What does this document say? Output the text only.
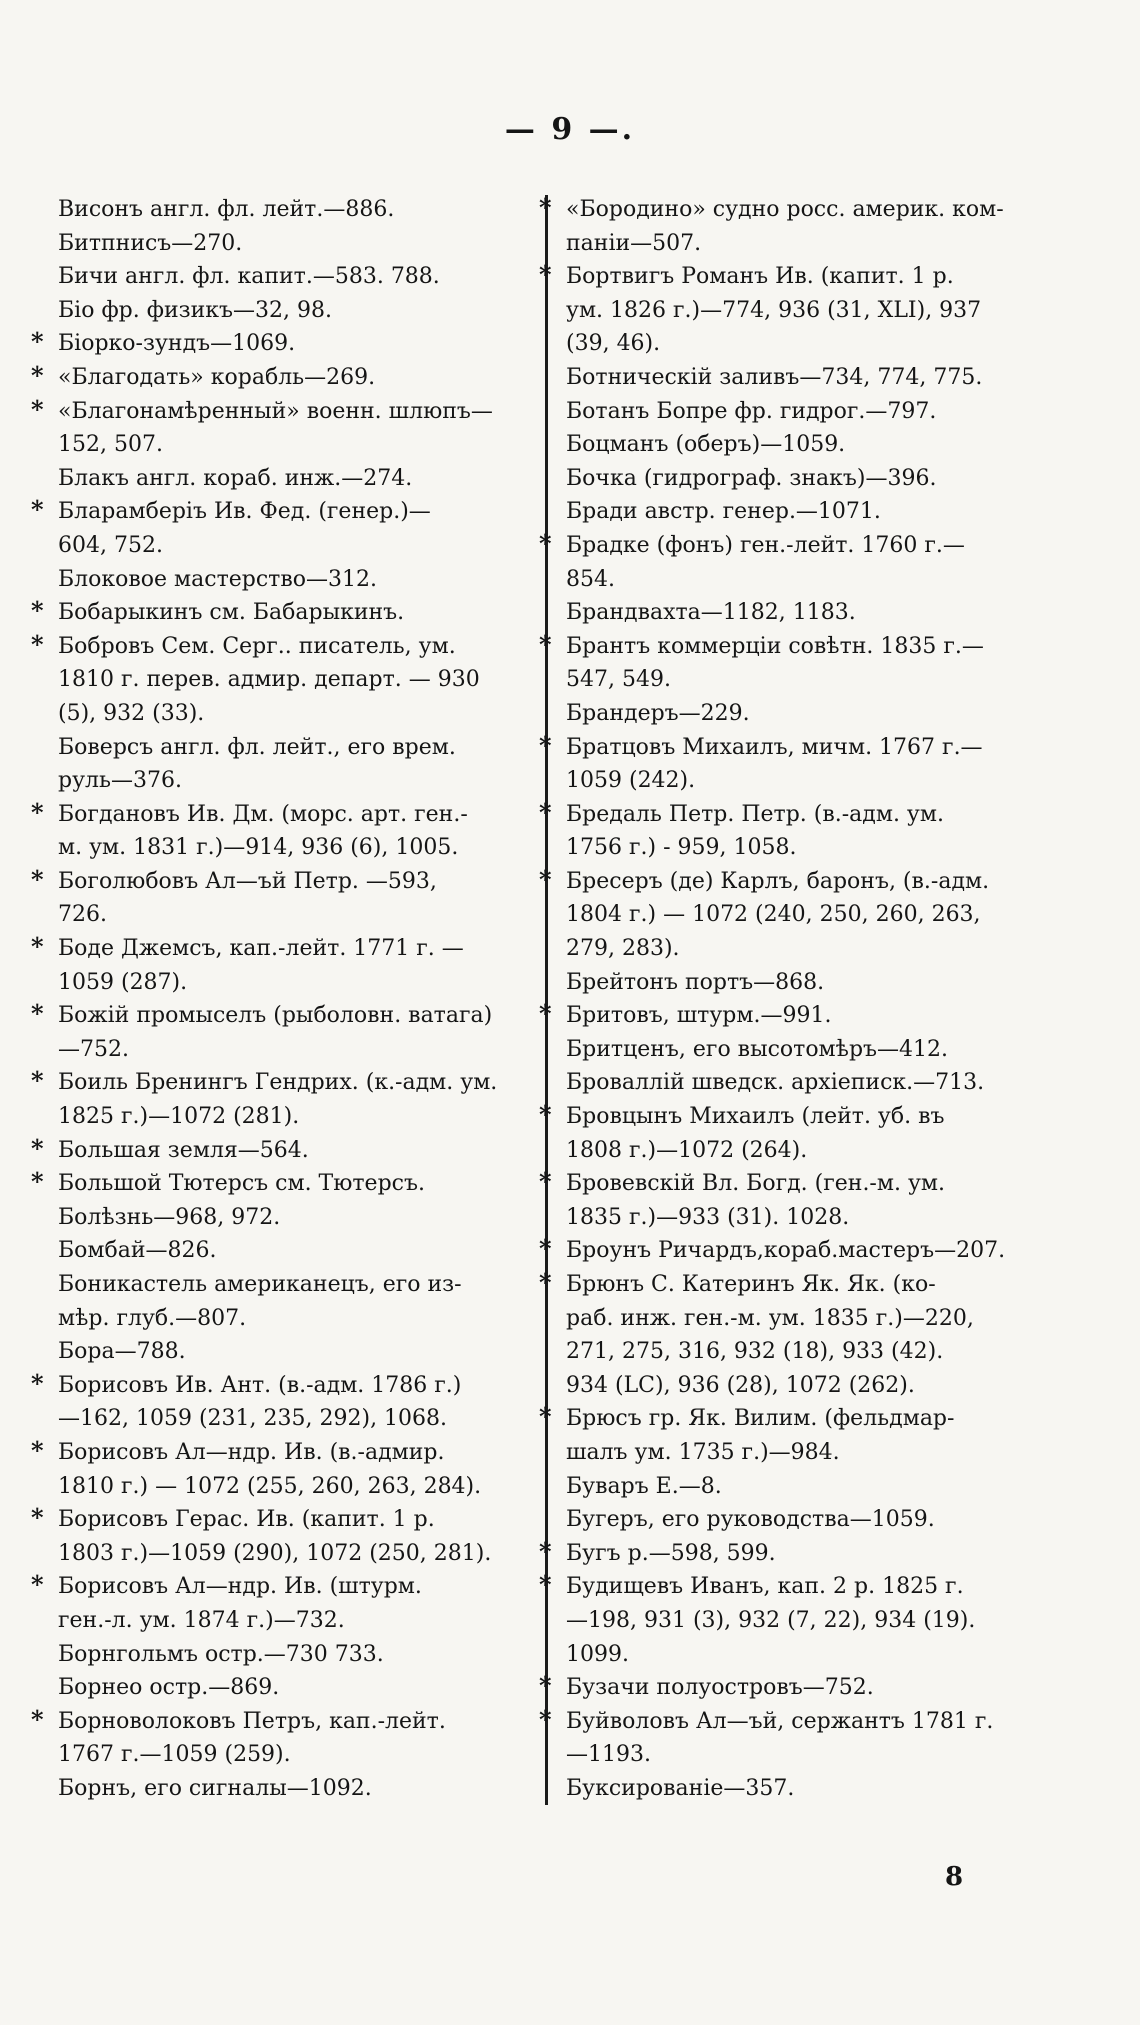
— 9 —.

Висонъ англ. фл. лейт.—886.

Битпнисъ—270.

Бичи англ. фл. капит.—583. 788.

Біо фр. физикъ—32, 98.

* Біорко-зундъ—1069.

* «Благодать» корабль—269.

* «Благонамѣренный» военн. шлюпъ—
152, 507.

Блакъ англ. кораб. инж.—274.

* Бларамберіъ Ив. Фед. (генер.)—
604, 752.

Блоковое мастерство—312.

* Бобарыкинъ см. Бабарыкинъ.

* Бобровъ Сем. Серг.. писатель, ум.
1810 г. перев. адмир. департ. — 930
(5), 932 (33).

Боверсъ англ. фл. лейт., его врем.
руль—376.

* Богдановъ Ив. Дм. (морс. арт. ген.-
м. ум. 1831 г.)—914, 936 (6), 1005.

* Боголюбовъ Ал—ъй Петр. —593,
726.

* Боде Джемсъ, кап.-лейт. 1771 г. —
1059 (287).

* Божій промыселъ (рыболовн. ватага)
—752.

* Боиль Бренингъ Гендрих. (к.-адм. ум.
1825 г.)—1072 (281).

* Большая земля—564.

* Большой Тютерсъ см. Тютерсъ.

Болѣзнь—968, 972.

Бомбай—826.

Боникастель американецъ, его из-
мѣр. глуб.—807.

Бора—788.

* Борисовъ Ив. Ант. (в.-адм. 1786 г.)
—162, 1059 (231, 235, 292), 1068.

* Борисовъ Ал—ндр. Ив. (в.-адмир.
1810 г.) — 1072 (255, 260, 263, 284).

* Борисовъ Герас. Ив. (капит. 1 р.
1803 г.)—1059 (290), 1072 (250, 281).

* Борисовъ Ал—ндр. Ив. (штурм.
ген.-л. ум. 1874 г.)—732.

Борнгольмъ остр.—730 733.

Борнео остр.—869.

* Борноволоковъ Петръ, кап.-лейт.
1767 г.—1059 (259).

Борнъ, его сигналы—1092.

* «Бородино» судно росс. америк. ком-
паніи—507.

* Бортвигъ Романъ Ив. (капит. 1 р.
ум. 1826 г.)—774, 936 (31, XLI), 937
(39, 46).

Ботническій заливъ—734, 774, 775.

Ботанъ Бопре фр. гидрог.—797.

Боцманъ (оберъ)—1059.

Бочка (гидрограф. знакъ)—396.

Бради австр. генер.—1071.

* Брадке (фонъ) ген.-лейт. 1760 г.—
854.

Брандвахта—1182, 1183.

* Брантъ коммерціи совѣтн. 1835 г.—
547, 549.

Брандеръ—229.

* Братцовъ Михаилъ, мичм. 1767 г.—
1059 (242).

* Бредаль Петр. Петр. (в.-адм. ум.
1756 г.) - 959, 1058.

* Бресеръ (де) Карлъ, баронъ, (в.-адм.
1804 г.) — 1072 (240, 250, 260, 263,
279, 283).

Брейтонъ портъ—868.

* Бритовъ, штурм.—991.

Бритценъ, его высотомѣръ—412.

Броваллій шведск. архіеписк.—713.

* Бровцынъ Михаилъ (лейт. уб. въ
1808 г.)—1072 (264).

* Бровевскій Вл. Богд. (ген.-м. ум.
1835 г.)—933 (31). 1028.

* Броунъ Ричардъ,кораб.мастеръ—207.

* Брюнъ С. Катеринъ Як. Як. (ко-
раб. инж. ген.-м. ум. 1835 г.)—220,
271, 275, 316, 932 (18), 933 (42).
934 (LC), 936 (28), 1072 (262).

* Брюсъ гр. Як. Вилим. (фельдмар-
шалъ ум. 1735 г.)—984.

Буваръ Е.—8.

Бугеръ, его руководства—1059.

* Бугъ р.—598, 599.

* Будищевъ Иванъ, кап. 2 р. 1825 г.
—198, 931 (3), 932 (7, 22), 934 (19).
1099.

* Бузачи полуостровъ—752.

* Буйволовъ Ал—ъй, сержантъ 1781 г.
—1193.

Буксированіе—357.

8
